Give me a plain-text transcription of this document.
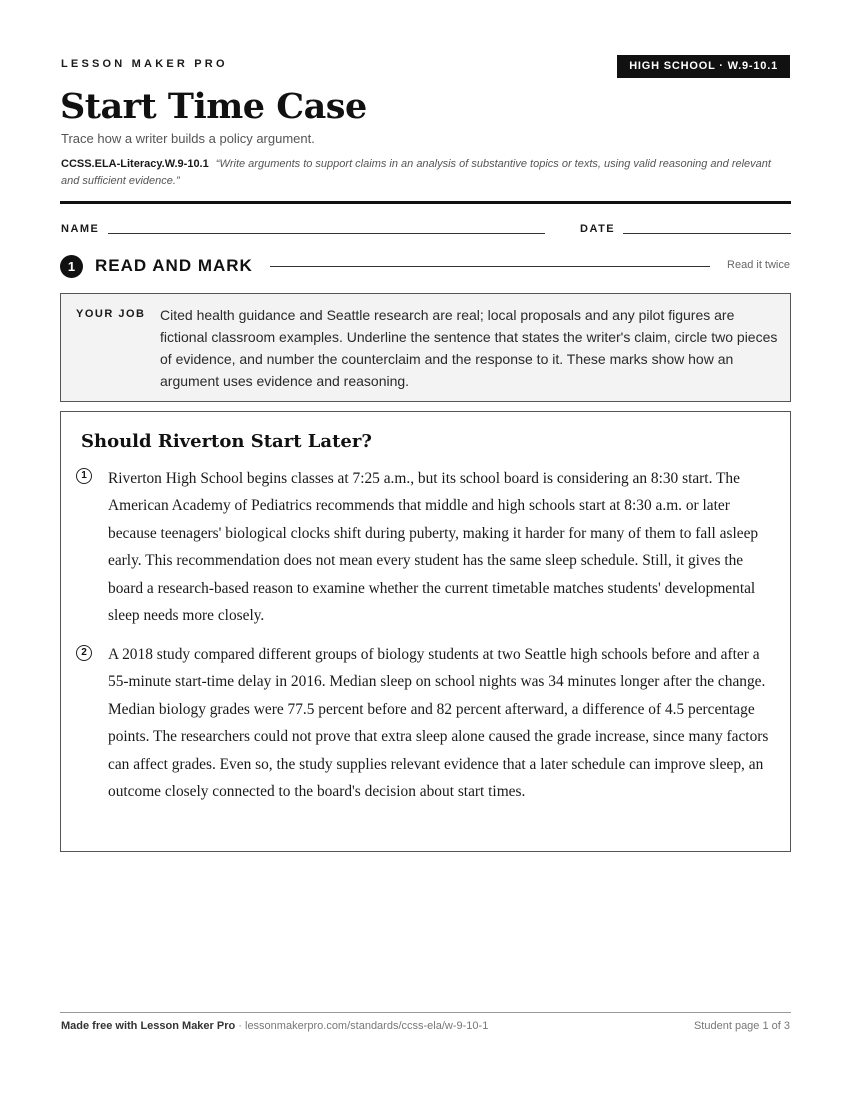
LESSON MAKER PRO	HIGH SCHOOL · W.9-10.1
Start Time Case
Trace how a writer builds a policy argument.
CCSS.ELA-Literacy.W.9-10.1 “Write arguments to support claims in an analysis of substantive topics or texts, using valid reasoning and relevant and sufficient evidence.”
NAME	DATE
1	READ AND MARK	Read it twice
YOUR JOB Cited health guidance and Seattle research are real; local proposals and any pilot figures are fictional classroom examples. Underline the sentence that states the writer's claim, circle two pieces of evidence, and number the counterclaim and the response to it. These marks show how an argument uses evidence and reasoning.
Should Riverton Start Later?
1	Riverton High School begins classes at 7:25 a.m., but its school board is considering an 8:30 start. The American Academy of Pediatrics recommends that middle and high schools start at 8:30 a.m. or later because teenagers' biological clocks shift during puberty, making it harder for many of them to fall asleep early. This recommendation does not mean every student has the same sleep schedule. Still, it gives the board a research-based reason to examine whether the current timetable matches students' developmental sleep needs more closely.

2	A 2018 study compared different groups of biology students at two Seattle high schools before and after a 55-minute start-time delay in 2016. Median sleep on school nights was 34 minutes longer after the change. Median biology grades were 77.5 percent before and 82 percent afterward, a difference of 4.5 percentage points. The researchers could not prove that extra sleep alone caused the grade increase, since many factors can affect grades. Even so, the study supplies relevant evidence that a later schedule can improve sleep, an outcome closely connected to the board's decision about start times.

Made free with Lesson Maker Pro · lessonmakerpro.com/standards/ccss-ela/w-9-10-1	Student page 1 of 3
